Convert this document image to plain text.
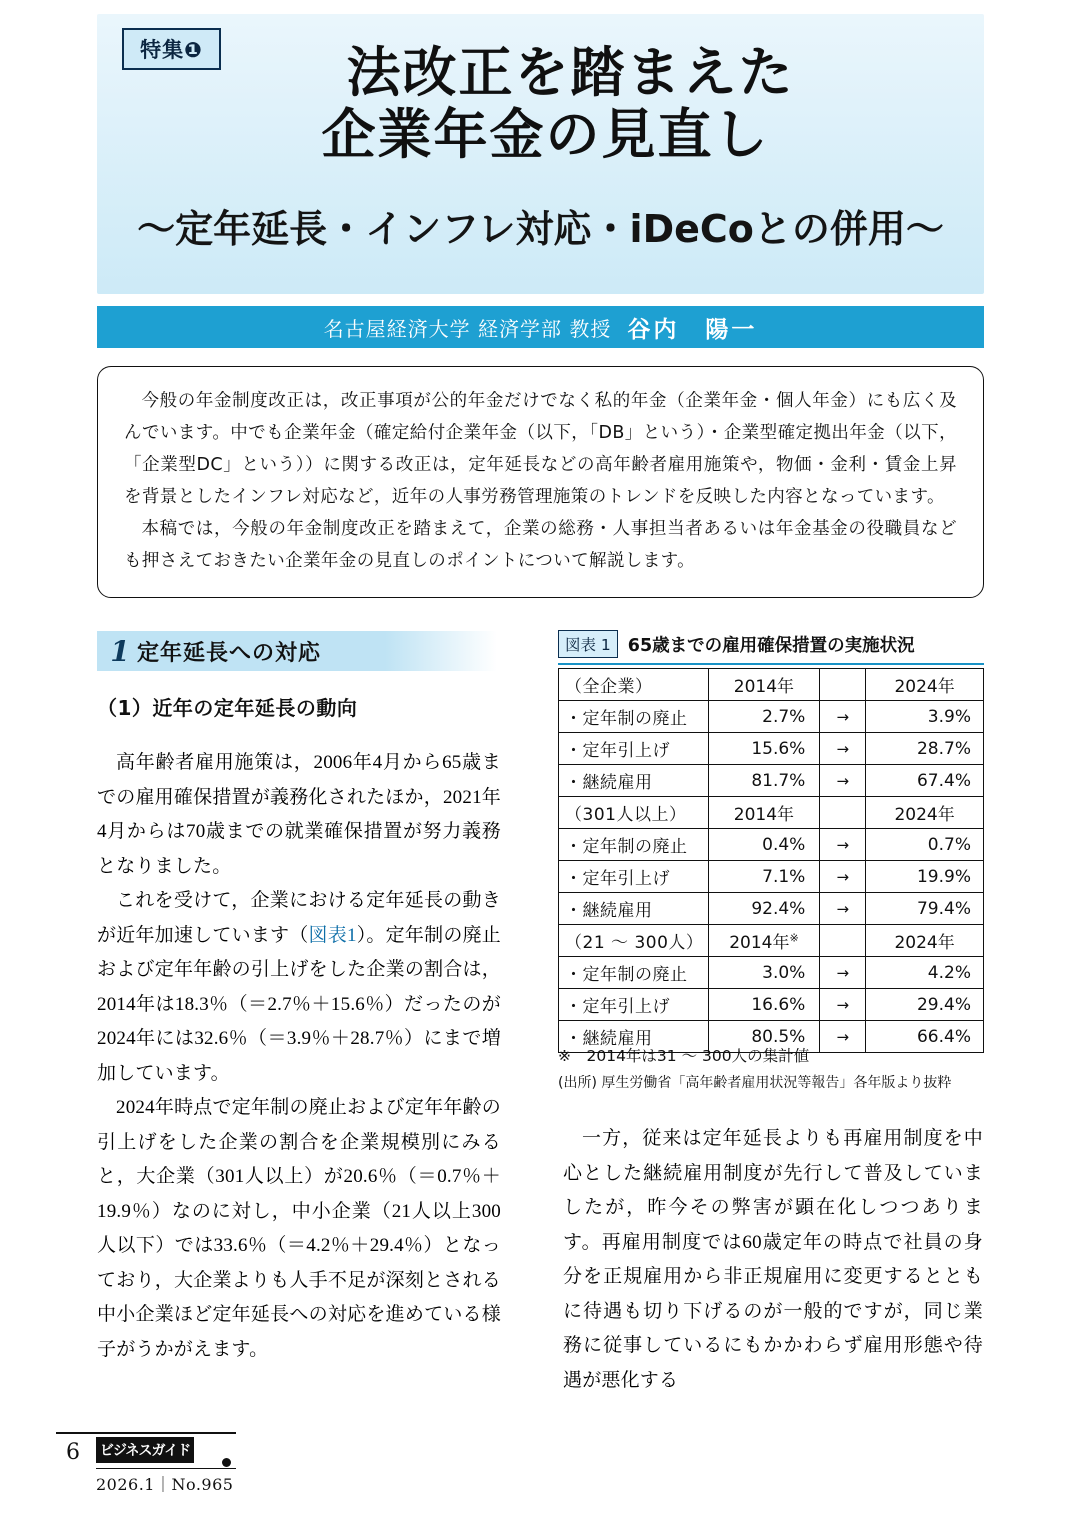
特集❶	法改正を踏まえた
企業年金の見直し
〜定年延長・インフレ対応・iDeCoとの併用〜
名古屋経済大学 経済学部 教授 谷内　陽一

今般の年金制度改正は，改正事項が公的年金だけでなく私的年金（企業年金・個人年金）にも広く及んでいます。中でも企業年金（確定給付企業年金（以下，「DB」という）・企業型確定拠出年金（以下，「企業型DC」という））に関する改正は，定年延長などの高年齢者雇用施策や，物価・金利・賃金上昇を背景としたインフレ対応など，近年の人事労務管理施策のトレンドを反映した内容となっています。

本稿では，今般の年金制度改正を踏まえて，企業の総務・人事担当者あるいは年金基金の役職員なども押さえておきたい企業年金の見直しのポイントについて解説します。

1 定年延長への対応
（1）近年の定年延長の動向

高年齢者雇用施策は，2006年4月から65歳までの雇用確保措置が義務化されたほか，2021年4月からは70歳までの就業確保措置が努力義務となりました。

これを受けて，企業における定年延長の動きが近年加速しています（図表1）。定年制の廃止および定年年齢の引上げをした企業の割合は，2014年は18.3％（＝2.7％＋15.6％）だったのが2024年には32.6％（＝3.9％＋28.7％）にまで増加しています。

2024年時点で定年制の廃止および定年年齢の引上げをした企業の割合を企業規模別にみると，大企業（301人以上）が20.6％（＝0.7％＋19.9％）なのに対し，中小企業（21人以上300人以下）では33.6％（＝4.2％＋29.4％）となっており，大企業よりも人手不足が深刻とされる中小企業ほど定年延長への対応を進めている様子がうかがえます。

図表 1 65歳までの雇用確保措置の実施状況
（全企業）	2014年		2024年
・定年制の廃止	2.7%	→	3.9%
・定年引上げ	15.6%	→	28.7%
・継続雇用	81.7%	→	67.4%
（301人以上）	2014年		2024年
・定年制の廃止	0.4%	→	0.7%
・定年引上げ	7.1%	→	19.9%
・継続雇用	92.4%	→	79.4%
（21 〜 300人）	2014年※		2024年
・定年制の廃止	3.0%	→	4.2%
・定年引上げ	16.6%	→	29.4%
・継続雇用	80.5%	→	66.4%
※　2014年は31 〜 300人の集計値
(出所) 厚生労働省「高年齢者雇用状況等報告」各年版より抜粋

一方，従来は定年延長よりも再雇用制度を中心とした継続雇用制度が先行して普及していましたが，昨今その弊害が顕在化しつつあります。再雇用制度では60歳定年の時点で社員の身分を正規雇用から非正規雇用に変更するとともに待遇も切り下げるのが一般的ですが，同じ業務に従事しているにもかかわらず雇用形態や待遇が悪化する

6 ビジネスガイド
2026.1｜No.965
